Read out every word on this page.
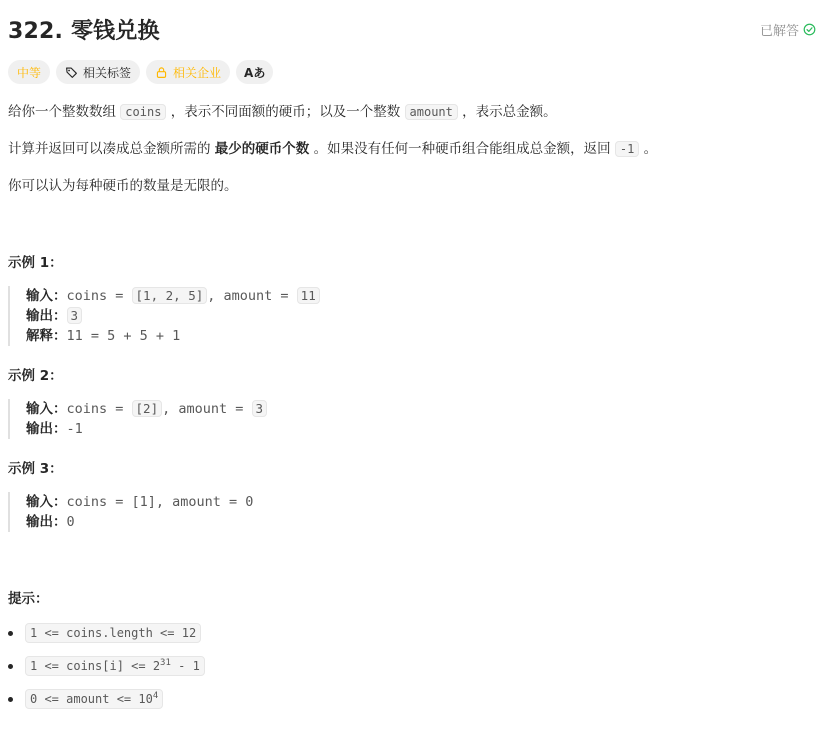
322. 零钱兑换	已解答
中等	相关标签	相关企业 Aあ
给你一个整数数组 coins ，表示不同面额的硬币；以及一个整数 amount ，表示总金额。
计算并返回可以凑成总金额所需的 最少的硬币个数 。如果没有任何一种硬币组合能组成总金额，返回 -1 。
你可以认为每种硬币的数量是无限的。
示例 1：
输入：coins = [1, 2, 5] , amount = 11
输出： 3
解释：11 = 5 + 5 + 1
示例 2：
输入：coins = [2] , amount = 3
输出：-1
示例 3：
输入：coins = [1], amount = 0
输出：0
提示：
1 <= coins.length <= 12
1 <= coins[i] <= $2^{31} - 1$
0 <= amount <= $10^4$
